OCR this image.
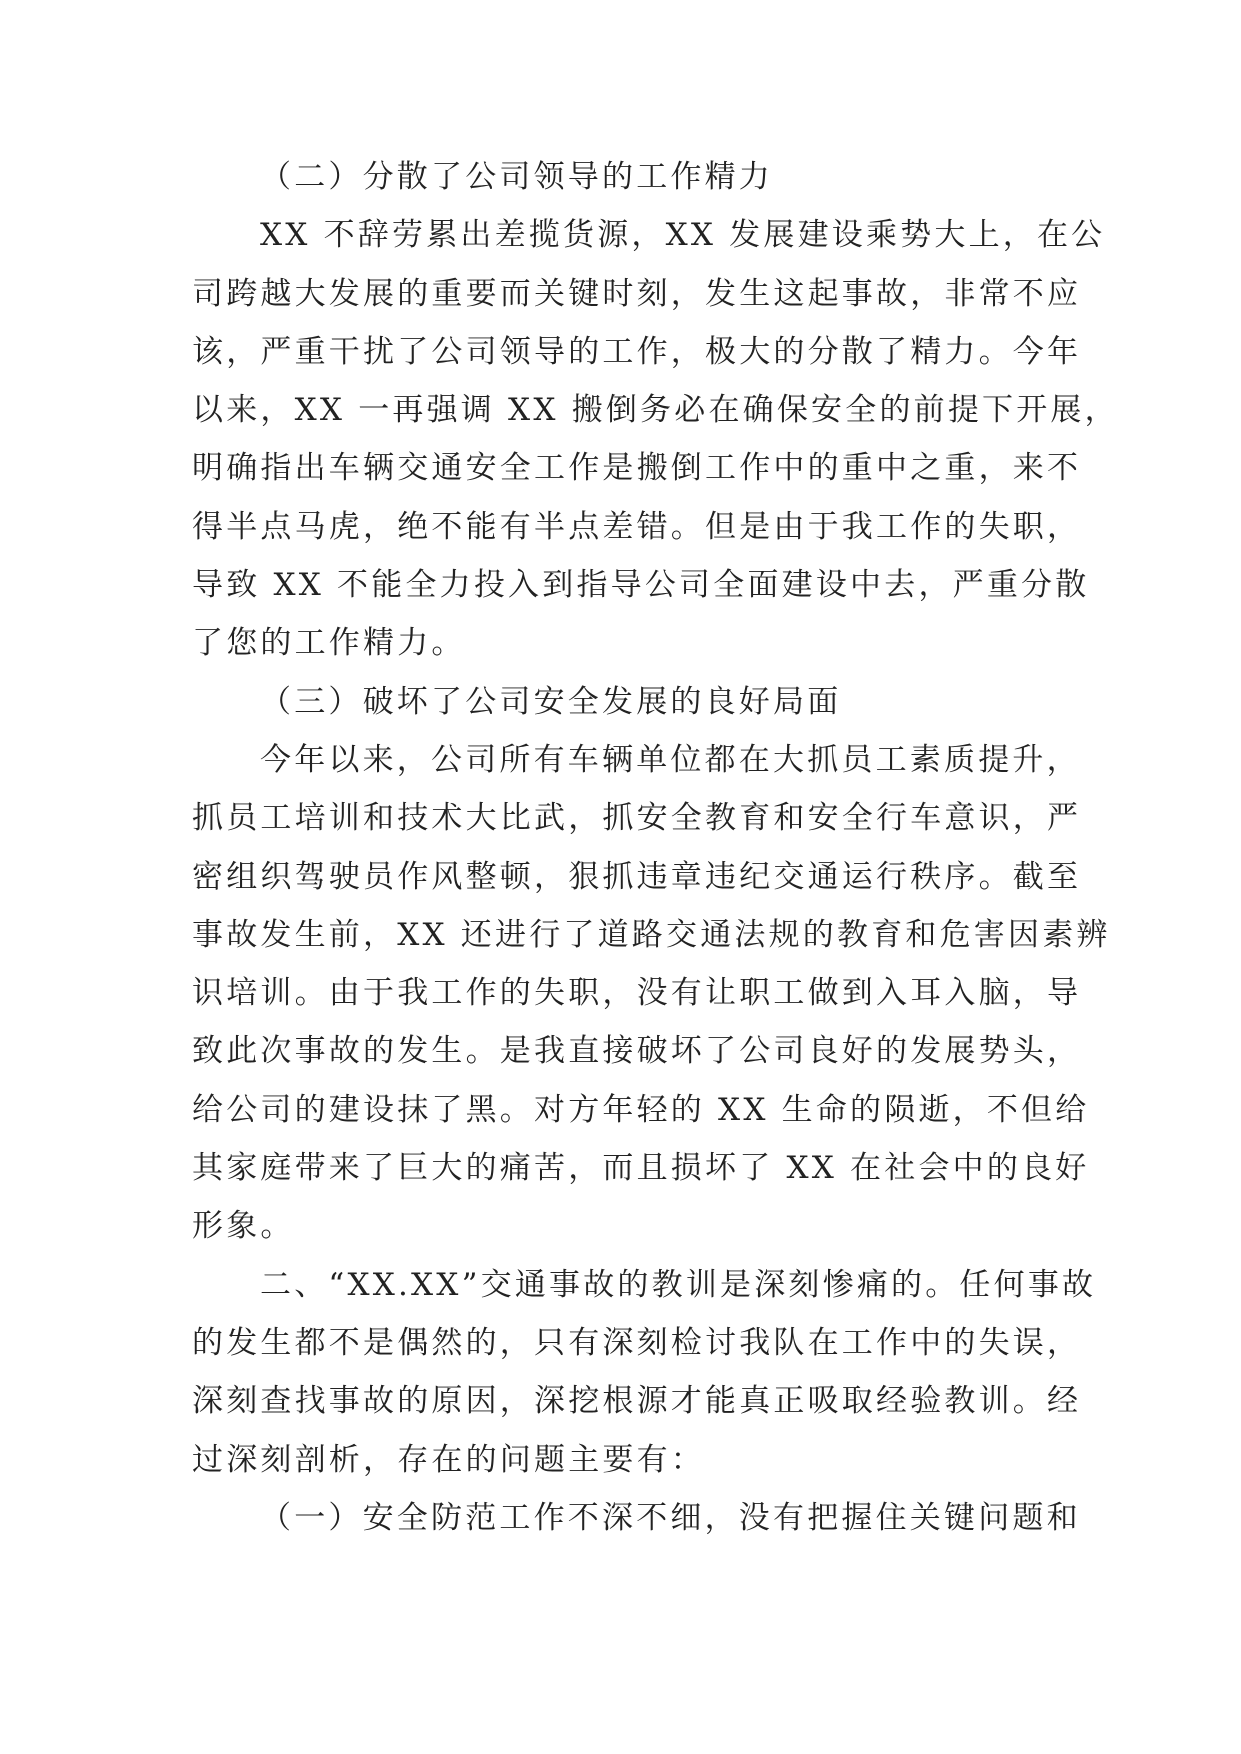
（二）分散了公司领导的工作精力
XX 不辞劳累出差揽货源，XX 发展建设乘势大上，在公
司跨越大发展的重要而关键时刻，发生这起事故，非常不应
该，严重干扰了公司领导的工作，极大的分散了精力。今年
以来，XX 一再强调 XX 搬倒务必在确保安全的前提下开展，
明确指出车辆交通安全工作是搬倒工作中的重中之重，来不
得半点马虎，绝不能有半点差错。但是由于我工作的失职，
导致 XX 不能全力投入到指导公司全面建设中去，严重分散
了您的工作精力。
（三）破坏了公司安全发展的良好局面
今年以来，公司所有车辆单位都在大抓员工素质提升，
抓员工培训和技术大比武，抓安全教育和安全行车意识，严
密组织驾驶员作风整顿，狠抓违章违纪交通运行秩序。截至
事故发生前，XX 还进行了道路交通法规的教育和危害因素辨
识培训。由于我工作的失职，没有让职工做到入耳入脑，导
致此次事故的发生。是我直接破坏了公司良好的发展势头，
给公司的建设抹了黑。对方年轻的 XX 生命的陨逝，不但给
其家庭带来了巨大的痛苦，而且损坏了 XX 在社会中的良好
形象。
二、“XX.XX”交通事故的教训是深刻惨痛的。任何事故
的发生都不是偶然的，只有深刻检讨我队在工作中的失误，
深刻查找事故的原因，深挖根源才能真正吸取经验教训。经
过深刻剖析，存在的问题主要有：
（一）安全防范工作不深不细，没有把握住关键问题和
